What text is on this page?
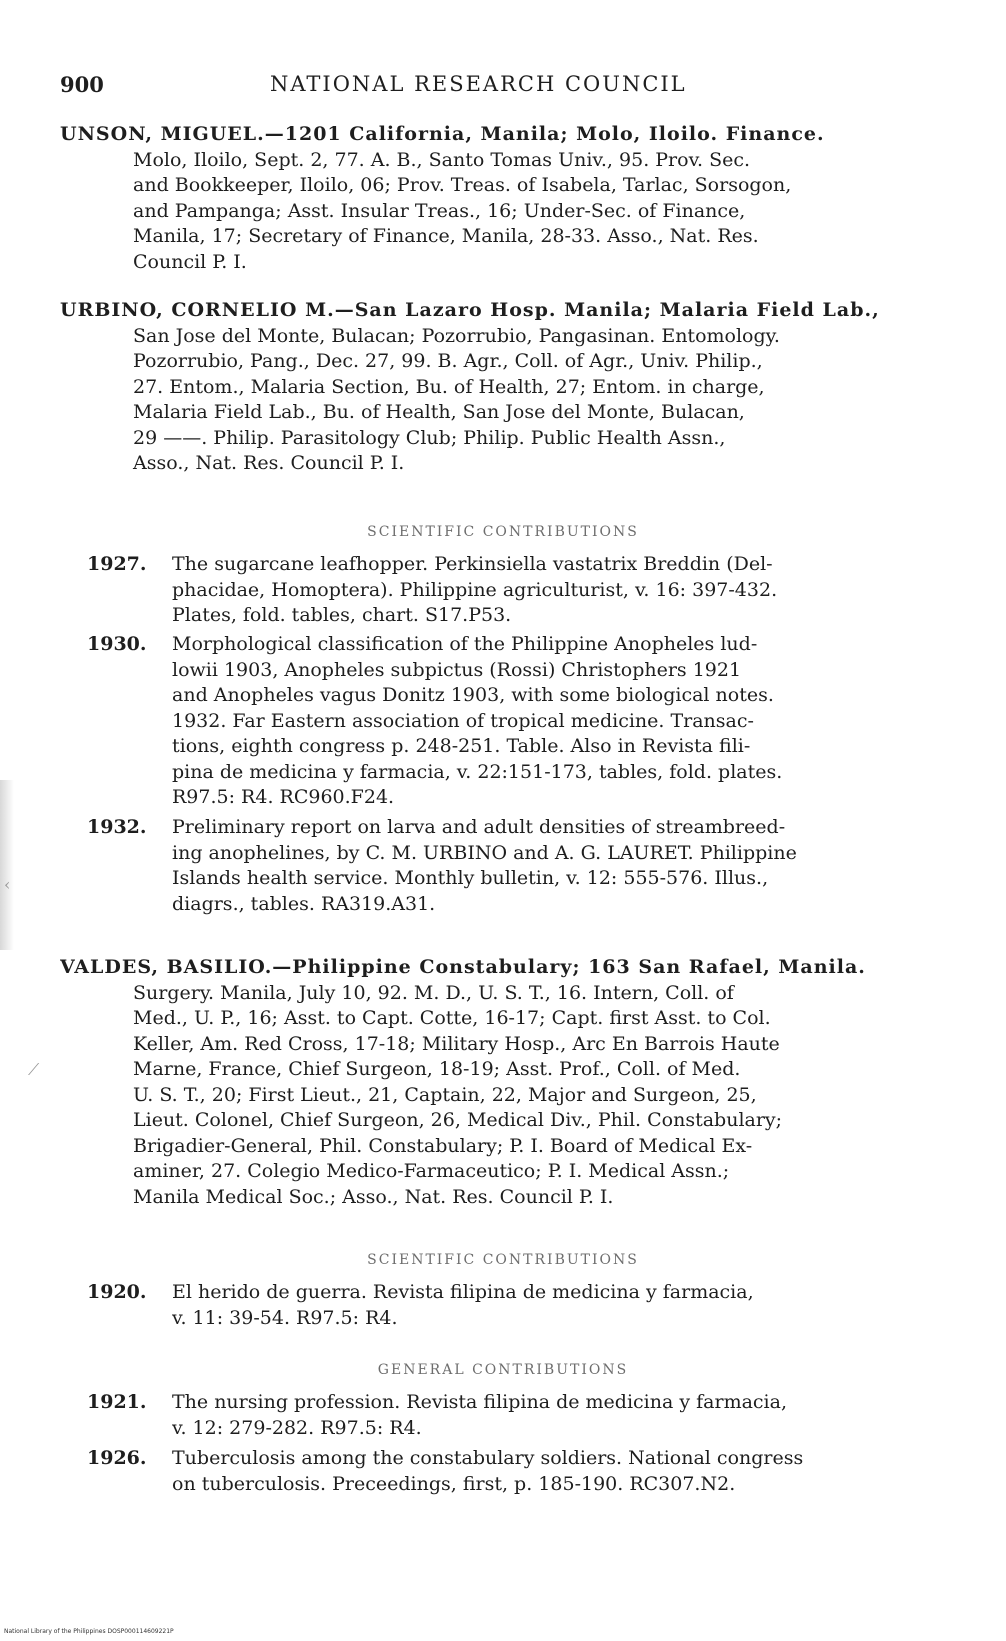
900	NATIONAL RESEARCH COUNCIL
UNSON, MIGUEL.—1201 California, Manila; Molo, Iloilo. Finance.
Molo, Iloilo, Sept. 2, 77. A. B., Santo Tomas Univ., 95. Prov. Sec.
and Bookkeeper, Iloilo, 06; Prov. Treas. of Isabela, Tarlac, Sorsogon,
and Pampanga; Asst. Insular Treas., 16; Under-Sec. of Finance,
Manila, 17; Secretary of Finance, Manila, 28-33. Asso., Nat. Res.
Council P. I.
URBINO, CORNELIO M.—San Lazaro Hosp. Manila; Malaria Field Lab.,
San Jose del Monte, Bulacan; Pozorrubio, Pangasinan. Entomology.
Pozorrubio, Pang., Dec. 27, 99. B. Agr., Coll. of Agr., Univ. Philip.,
27. Entom., Malaria Section, Bu. of Health, 27; Entom. in charge,
Malaria Field Lab., Bu. of Health, San Jose del Monte, Bulacan,
29 ——. Philip. Parasitology Club; Philip. Public Health Assn.,
Asso., Nat. Res. Council P. I.
SCIENTIFIC CONTRIBUTIONS
1927. The sugarcane leafhopper. Perkinsiella vastatrix Breddin (Del-
phacidae, Homoptera). Philippine agriculturist, v. 16: 397-432.
Plates, fold. tables, chart. S17.P53.
1930. Morphological classification of the Philippine Anopheles lud-
lowii 1903, Anopheles subpictus (Rossi) Christophers 1921
and Anopheles vagus Donitz 1903, with some biological notes.
1932. Far Eastern association of tropical medicine. Transac-
tions, eighth congress p. 248-251. Table. Also in Revista fili-
pina de medicina y farmacia, v. 22:151-173, tables, fold. plates.
R97.5: R4. RC960.F24.
1932. Preliminary report on larva and adult densities of streambreed-
ing anophelines, by C. M. URBINO and A. G. LAURET. Philippine
Islands health service. Monthly bulletin, v. 12: 555-576. Illus.,
diagrs., tables. RA319.A31.
VALDES, BASILIO.—Philippine Constabulary; 163 San Rafael, Manila.
Surgery. Manila, July 10, 92. M. D., U. S. T., 16. Intern, Coll. of
Med., U. P., 16; Asst. to Capt. Cotte, 16-17; Capt. first Asst. to Col.
Keller, Am. Red Cross, 17-18; Military Hosp., Arc En Barrois Haute
Marne, France, Chief Surgeon, 18-19; Asst. Prof., Coll. of Med.
U. S. T., 20; First Lieut., 21, Captain, 22, Major and Surgeon, 25,
Lieut. Colonel, Chief Surgeon, 26, Medical Div., Phil. Constabulary;
Brigadier-General, Phil. Constabulary; P. I. Board of Medical Ex-
aminer, 27. Colegio Medico-Farmaceutico; P. I. Medical Assn.;
Manila Medical Soc.; Asso., Nat. Res. Council P. I.
SCIENTIFIC CONTRIBUTIONS
1920. El herido de guerra. Revista filipina de medicina y farmacia,
v. 11: 39-54. R97.5: R4.
GENERAL CONTRIBUTIONS
1921. The nursing profession. Revista filipina de medicina y farmacia,
v. 12: 279-282. R97.5: R4.
1926. Tuberculosis among the constabulary soldiers. National congress
on tuberculosis. Preceedings, first, p. 185-190. RC307.N2.
‹
⟋
National Library of the Philippines DOSP000114609221P
